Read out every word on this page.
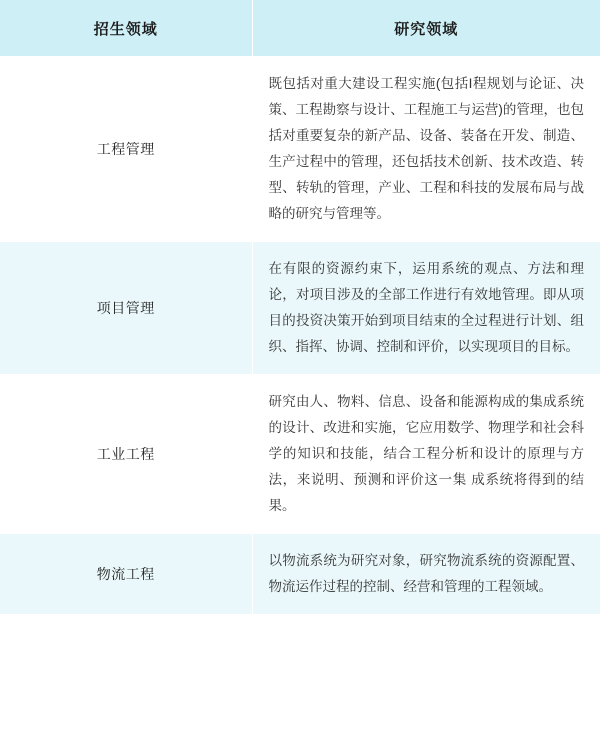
招生领域	研究领域
工程管理	既包括对重大建设工程实施(包括I程规划与论证、决策、工程勘察与设计、工程施工与运营)的管理，也包括对重要复杂的新产品、设备、装备在开发、制造、生产过程中的管理，还包括技术创新、技术改造、转型、转轨的管理，产业、工程和科技的发展布局与战略的研究与管理等。
项目管理	在有限的资源约束下，运用系统的观点、方法和理论，对项目涉及的全部工作进行有效地管理。即从项目的投资决策开始到项目结束的全过程进行计划、组织、指挥、协调、控制和评价，以实现项目的目标。
工业工程	研究由人、物料、信息、设备和能源构成的集成系统的设计、改进和实施，它应用数学、物理学和社会科学的知识和技能，结合工程分析和设计的原理与方法，来说明、预测和评价这一集 成系统将得到的结果。
物流工程	以物流系统为研究对象，研究物流系统的资源配置、物流运作过程的控制、经营和管理的工程领域。
